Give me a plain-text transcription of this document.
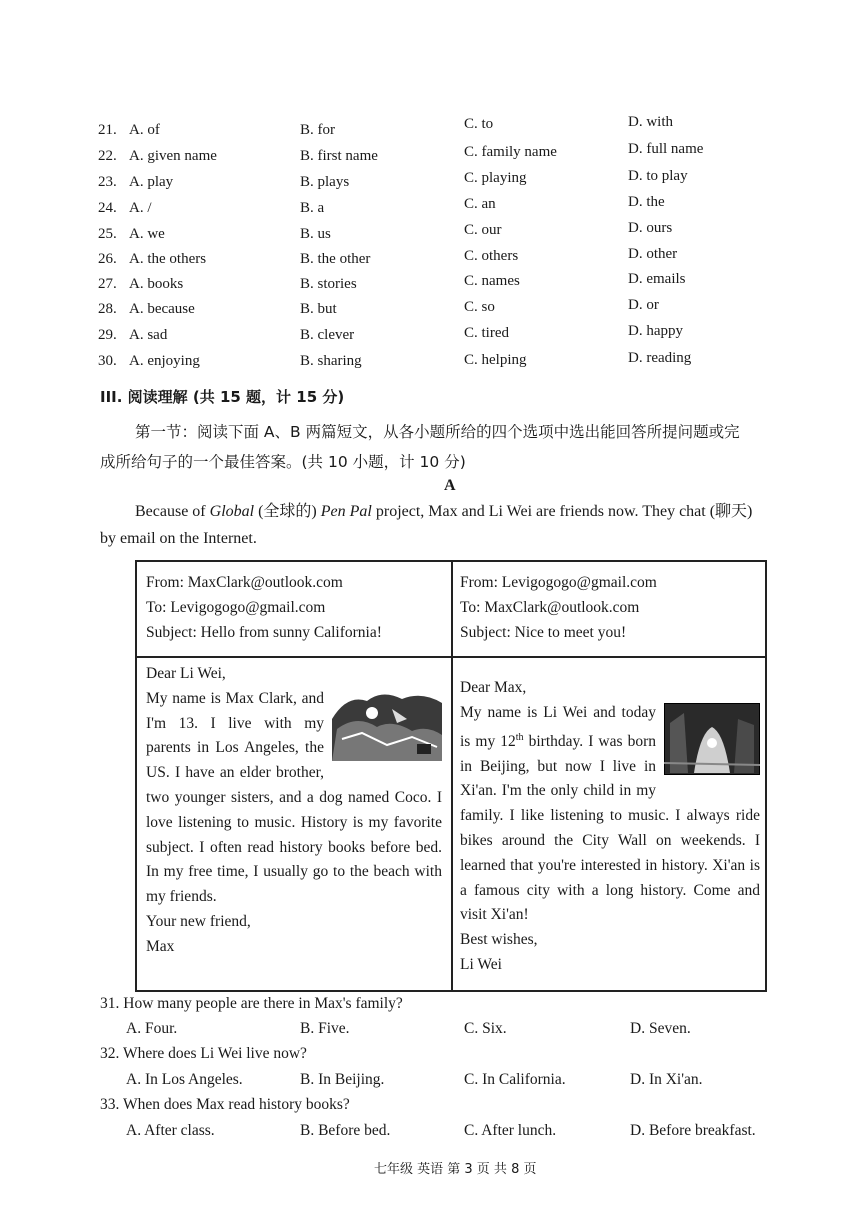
21. A. of	B. for	C. to	D. with
22. A. given name	B. first name	C. family name	D. full name
23. A. play	B. plays	C. playing	D. to play
24. A. /	B. a	C. an	D. the
25. A. we	B. us	C. our	D. ours
26. A. the others	B. the other	C. others	D. other
27. A. books	B. stories	C. names	D. emails
28. A. because	B. but	C. so	D. or
29. A. sad	B. clever	C. tired	D. happy
30. A. enjoying	B. sharing	C. helping	D. reading
III. 阅读理解 (共 15 题，计 15 分)
第一节：阅读下面 A、B 两篇短文，从各小题所给的四个选项中选出能回答所提问题或完
成所给句子的一个最佳答案。(共 10 小题，计 10 分)
A
Because of Global (全球的) Pen Pal project, Max and Li Wei are friends now. They chat (聊天)
by email on the Internet.
From: MaxClark@outlook.com
To: Levigogogo@gmail.com
Subject: Hello from sunny California!
From: Levigogogo@gmail.com
To: MaxClark@outlook.com
Subject: Nice to meet you!
Dear Li Wei,
My name is Max Clark, and I'm 13. I live with my parents in Los Angeles, the US. I have an elder brother, two younger sisters, and a dog named Coco. I love listening to music. History is my favorite subject. I often read history books before bed. In my free time, I usually go to the beach with my friends.
Your new friend,
Max
Dear Max,
My name is Li Wei and today is my 12th birthday. I was born in Beijing, but now I live in Xi'an. I'm the only child in my family. I like listening to music. I always ride bikes around the City Wall on weekends. I learned that you're interested in history. Xi'an is a famous city with a long history. Come and visit Xi'an!
Best wishes,
Li Wei
31. How many people are there in Max's family?
A. Four.	B. Five.	C. Six.	D. Seven.
32. Where does Li Wei live now?
A. In Los Angeles.	B. In Beijing.	C. In California.	D. In Xi'an.
33. When does Max read history books?
A. After class.	B. Before bed.	C. After lunch.	D. Before breakfast.
七年级 英语 第 3 页 共 8 页
